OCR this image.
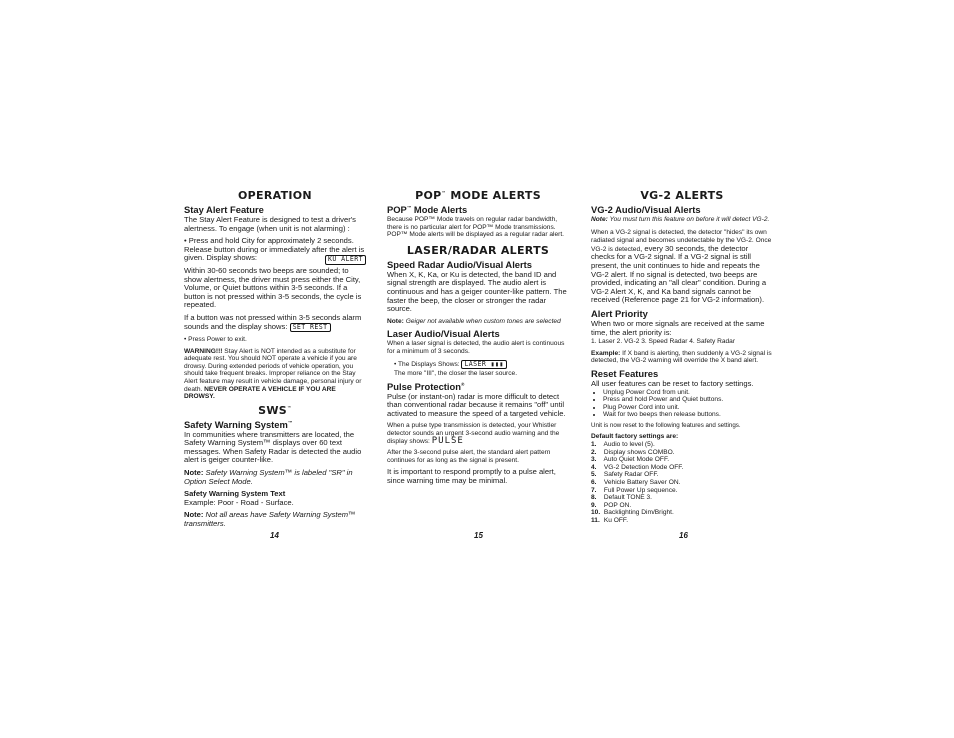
OPERATION
Stay Alert Feature

The Stay Alert Feature is designed to test a driver's alertness. To engage (when unit is not alarming) :

• Press and hold City for approximately 2 seconds. Release button during or immediately after the alert is given. Display shows:	KU ALERT

Within 30-60 seconds two beeps are sounded; to show alertness, the driver must press either the City, Volume, or Quiet buttons within 3-5 seconds. If a button is not pressed within 3-5 seconds, the cycle is repeated.

If a button was not pressed within 3-5 seconds alarm sounds and the display shows: SET REST

• Press Power to exit.

WARNING!!! Stay Alert is NOT intended as a substitute for adequate rest. You should NOT operate a vehicle if you are drowsy. During extended periods of vehicle operation, you should take frequent breaks. Improper reliance on the Stay Alert feature may result in vehicle damage, personal injury or death. NEVER OPERATE A VEHICLE IF YOU ARE DROWSY.

SWS™
Safety Warning System™

In communities where transmitters are located, the Safety Warning System™ displays over 60 text messages. When Safety Radar is detected the audio alert is geiger counter-like.

Note: Safety Warning System™ is labeled "SR" in Option Select Mode.

Safety Warning System Text

Example: Poor - Road - Surface.

Note: Not all areas have Safety Warning System™ transmitters.

14
POP™ MODE ALERTS
POP™ Mode Alerts

Because POP™ Mode travels on regular radar bandwidth, there is no particular alert for POP™ Mode transmissions. POP™ Mode alerts will be displayed as a regular radar alert.

LASER/RADAR ALERTS
Speed Radar Audio/Visual Alerts

When X, K, Ka, or Ku is detected, the band ID and signal strength are displayed. The audio alert is continuous and has a geiger counter-like pattern. The faster the beep, the closer or stronger the radar source.

Note: Geiger not available when custom tones are selected

Laser Audio/Visual Alerts

When a laser signal is detected, the audio alert is continuous for a minimum of 3 seconds.

• The Displays Shows: LASER ▮▮▮

The more "III", the closer the laser source.

Pulse Protection®

Pulse (or instant-on) radar is more difficult to detect than conventional radar because it remains "off" until activated to measure the speed of a targeted vehicle.

When a pulse type transmission is detected, your Whistler detector sounds an urgent 3-second audio warning and the display shows: PULSE

After the 3-second pulse alert, the standard alert pattern continues for as long as the signal is present.

It is important to respond promptly to a pulse alert, since warning time may be minimal.

15
VG-2 ALERTS
VG-2 Audio/Visual Alerts

Note: You must turn this feature on before it will detect VG-2.

When a VG-2 signal is detected, the detector "hides" its own radiated signal and becomes undetectable by the VG-2. Once VG-2 is detected, every 30 seconds, the detector checks for a VG-2 signal. If a VG-2 signal is still present, the unit continues to hide and repeats the VG-2 alert. If no signal is detected, two beeps are provided, indicating an "all clear" condition. During a VG-2 Alert X, K, and Ka band signals cannot be received (Reference page 21 for VG-2 information).

Alert Priority

When two or more signals are received at the same time, the alert priority is:

1. Laser 2. VG-2 3. Speed Radar 4. Safety Radar

Example: If X band is alerting, then suddenly a VG-2 signal is detected, the VG-2 warning will override the X band alert.

Reset Features

All user features can be reset to factory settings.

• Unplug Power Cord from unit.
• Press and hold Power and Quiet buttons.
• Plug Power Cord into unit.
• Wait for two beeps then release buttons.

Unit is now reset to the following features and settings.

Default factory settings are:
1. Audio to level (5).
2. Display shows COMBO.
3. Auto Quiet Mode OFF.
4. VG-2 Detection Mode OFF.
5. Safety Radar OFF.
6. Vehicle Battery Saver ON.
7. Full Power Up sequence.
8. Default TONE 3.
9. POP ON.
10. Backlighting Dim/Bright.
11. Ku OFF.
16
